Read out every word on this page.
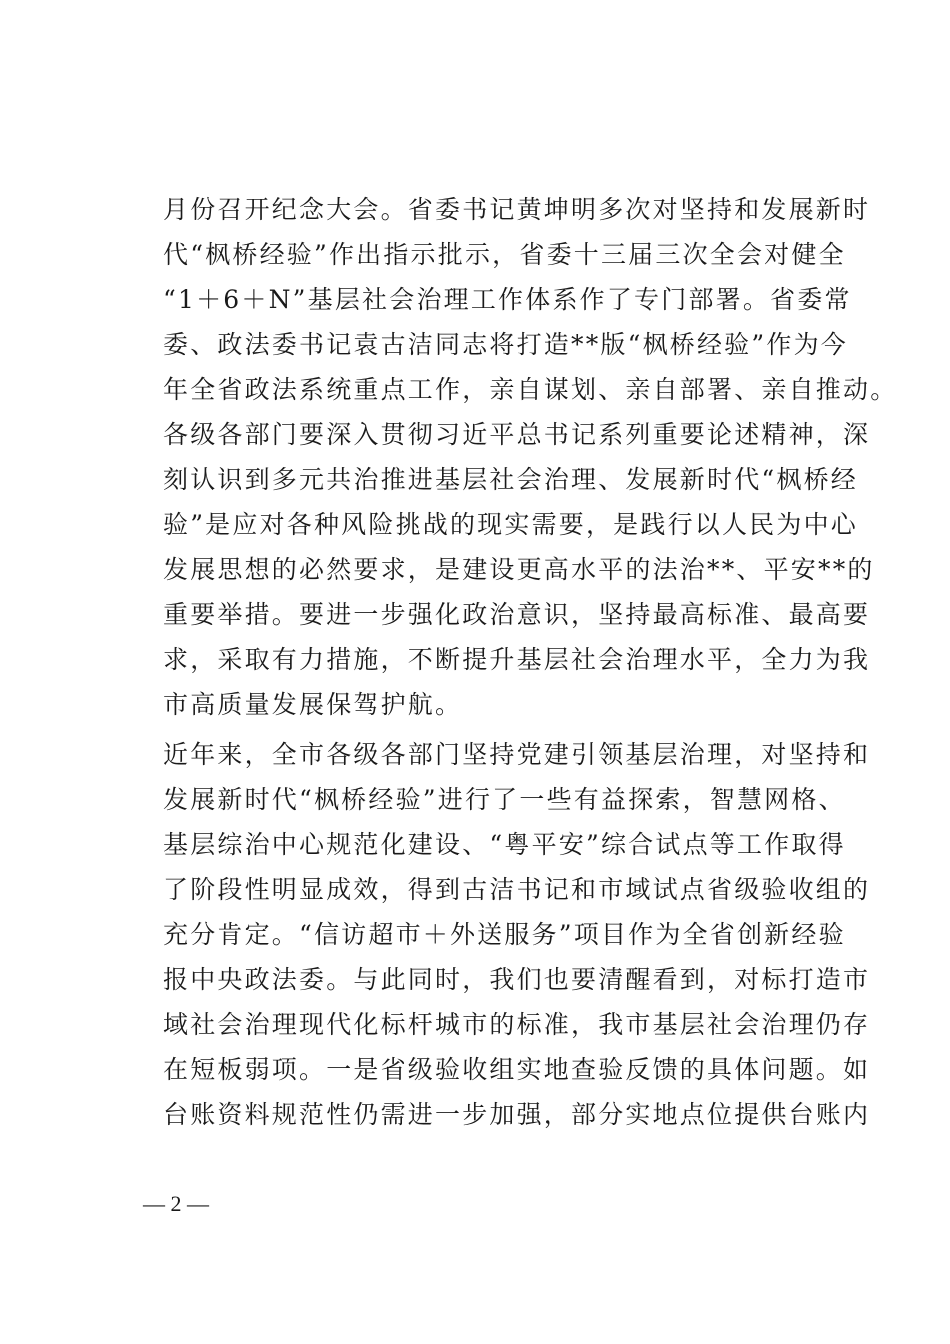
月份召开纪念大会。省委书记黄坤明多次对坚持和发展新时
代“枫桥经验”作出指示批示，省委十三届三次全会对健全
“1＋6＋N”基层社会治理工作体系作了专门部署。省委常
委、政法委书记袁古洁同志将打造**版“枫桥经验”作为今
年全省政法系统重点工作，亲自谋划、亲自部署、亲自推动。
各级各部门要深入贯彻习近平总书记系列重要论述精神，深
刻认识到多元共治推进基层社会治理、发展新时代“枫桥经
验”是应对各种风险挑战的现实需要，是践行以人民为中心
发展思想的必然要求，是建设更高水平的法治**、平安**的
重要举措。要进一步强化政治意识，坚持最高标准、最高要
求，采取有力措施，不断提升基层社会治理水平，全力为我
市高质量发展保驾护航。
近年来，全市各级各部门坚持党建引领基层治理，对坚持和
发展新时代“枫桥经验”进行了一些有益探索，智慧网格、
基层综治中心规范化建设、“粤平安”综合试点等工作取得
了阶段性明显成效，得到古洁书记和市域试点省级验收组的
充分肯定。“信访超市＋外送服务”项目作为全省创新经验
报中央政法委。与此同时，我们也要清醒看到，对标打造市
域社会治理现代化标杆城市的标准，我市基层社会治理仍存
在短板弱项。一是省级验收组实地查验反馈的具体问题。如
台账资料规范性仍需进一步加强，部分实地点位提供台账内
— 2 —
